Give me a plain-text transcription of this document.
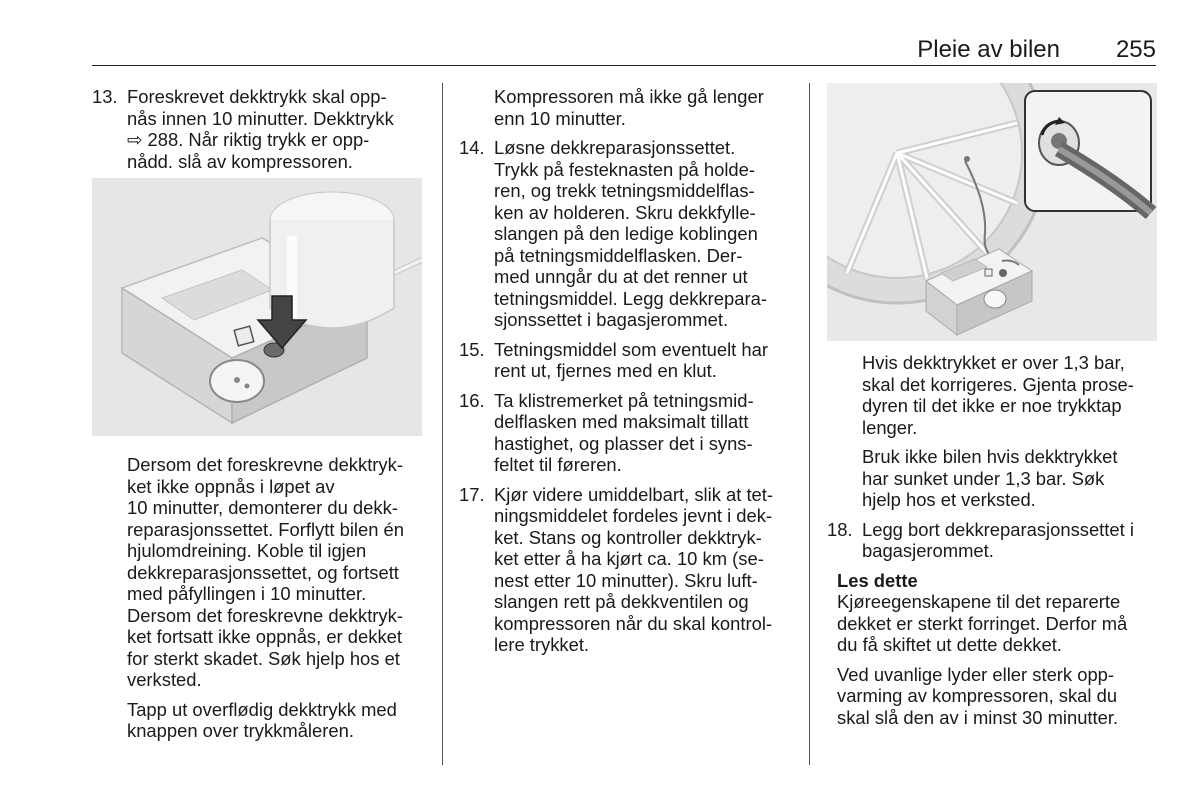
Pleie av bilen 255
13. Foreskrevet dekktrykk skal opp-
nås innen 10 minutter. Dekktrykk
⇨ 288. Når riktig trykk er opp-
nådd. slå av kompressoren.
Dersom det foreskrevne dekktryk-
ket ikke oppnås i løpet av
10 minutter, demonterer du dekk-
reparasjonssettet. Forflytt bilen én
hjulomdreining. Koble til igjen
dekkreparasjonssettet, og fortsett
med påfyllingen i 10 minutter.
Dersom det foreskrevne dekktryk-
ket fortsatt ikke oppnås, er dekket
for sterkt skadet. Søk hjelp hos et
verksted.
Tapp ut overflødig dekktrykk med
knappen over trykkmåleren.
Kompressoren må ikke gå lenger
enn 10 minutter.
14. Løsne dekkreparasjonssettet.
Trykk på festeknasten på holde-
ren, og trekk tetningsmiddelflas-
ken av holderen. Skru dekkfylle-
slangen på den ledige koblingen
på tetningsmiddelflasken. Der-
med unngår du at det renner ut
tetningsmiddel. Legg dekkrepara-
sjonssettet i bagasjerommet.
15. Tetningsmiddel som eventuelt har
rent ut, fjernes med en klut.
16. Ta klistremerket på tetningsmid-
delflasken med maksimalt tillatt
hastighet, og plasser det i syns-
feltet til føreren.
17. Kjør videre umiddelbart, slik at tet-
ningsmiddelet fordeles jevnt i dek-
ket. Stans og kontroller dekktryk-
ket etter å ha kjørt ca. 10 km (se-
nest etter 10 minutter). Skru luft-
slangen rett på dekkventilen og
kompressoren når du skal kontrol-
lere trykket.
Hvis dekktrykket er over 1,3 bar,
skal det korrigeres. Gjenta prose-
dyren til det ikke er noe trykktap
lenger.
Bruk ikke bilen hvis dekktrykket
har sunket under 1,3 bar. Søk
hjelp hos et verksted.
18. Legg bort dekkreparasjonssettet i
bagasjerommet.
Les dette
Kjøreegenskapene til det reparerte
dekket er sterkt forringet. Derfor må
du få skiftet ut dette dekket.
Ved uvanlige lyder eller sterk opp-
varming av kompressoren, skal du
skal slå den av i minst 30 minutter.
